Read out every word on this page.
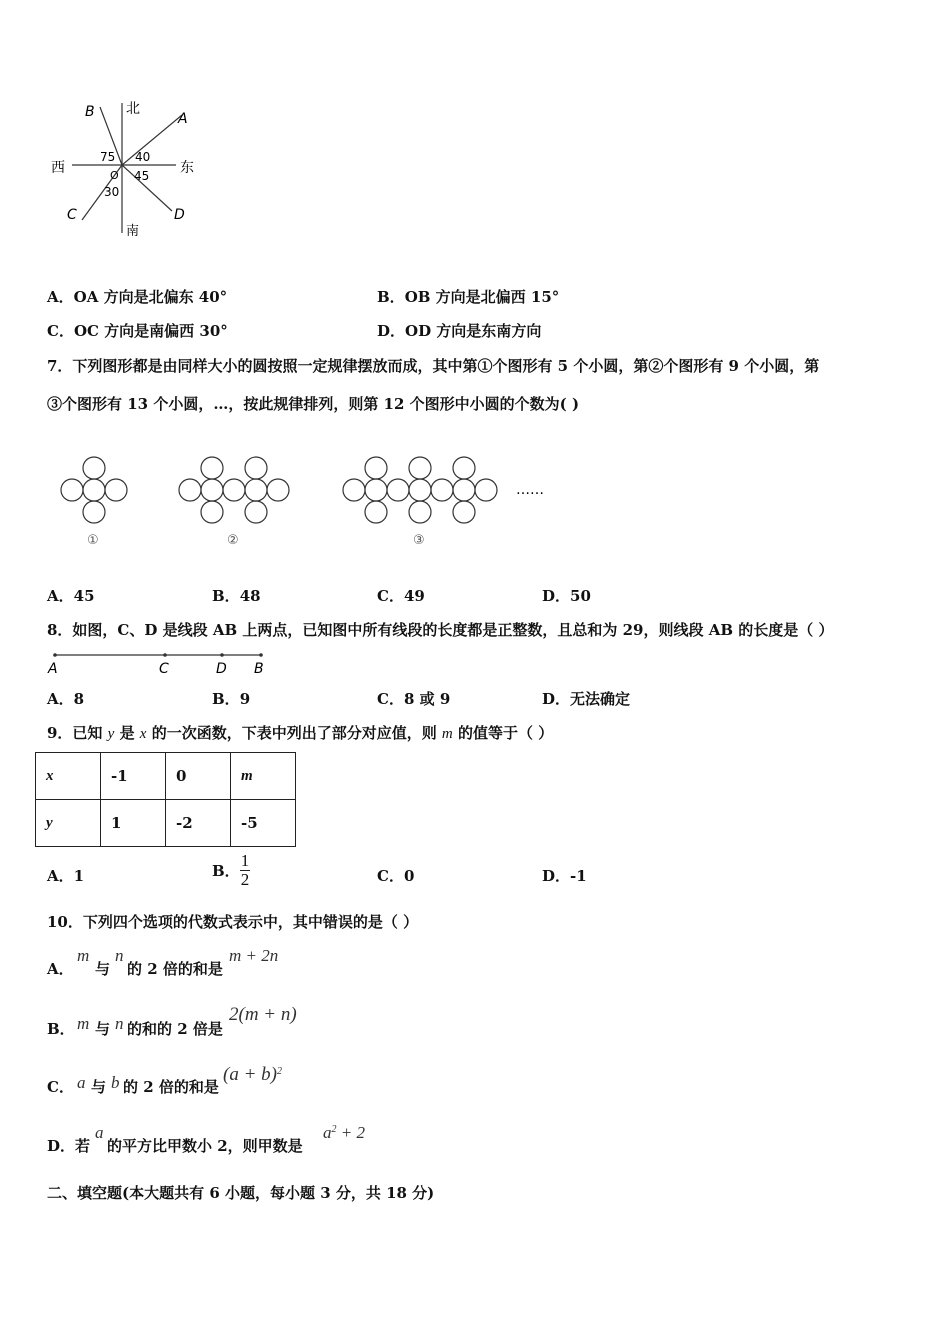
北
南
东
西
A
B
C	D
O
40
75
30
45
A．OA 方向是北偏东 40°	B．OB 方向是北偏西 15°
C．OC 方向是南偏西 30°	D．OD 方向是东南方向
7．下列图形都是由同样大小的圆按照一定规律摆放而成，其中第①个图形有 5 个小圆，第②个图形有 9 个小圆，第
③个图形有 13 个小圆，…，按此规律排列，则第 12 个图形中小圆的个数为( )
①	②	③
……
A．45	B．48	C．49	D．50
8．如图，C、D 是线段 AB 上两点，已知图中所有线段的长度都是正整数，且总和为 29，则线段 AB 的长度是（ ）
A	C	D B
A．8	B．9	C．8 或 9	D．无法确定
9．已知 y 是 x 的一次函数，下表中列出了部分对应值，则 m 的值等于（ ）
x	-1	0	m
y	1	-2	-5
A．1	B． $\frac{1}{2}$	C．0	D．-1
10．下列四个选项的代数式表示中，其中错误的是（ ）
A．
m
与
n
的 2 倍的和是
m + 2n
B． m 与 n 的和的 2 倍是
2(m + n)
C． a 与 b 的 2 倍的和是
$(a + b)^2$
D． 若
a
的平方比甲数小 2，则甲数是
$a^2 + 2$
二、填空题(本大题共有 6 小题，每小题 3 分，共 18 分)
